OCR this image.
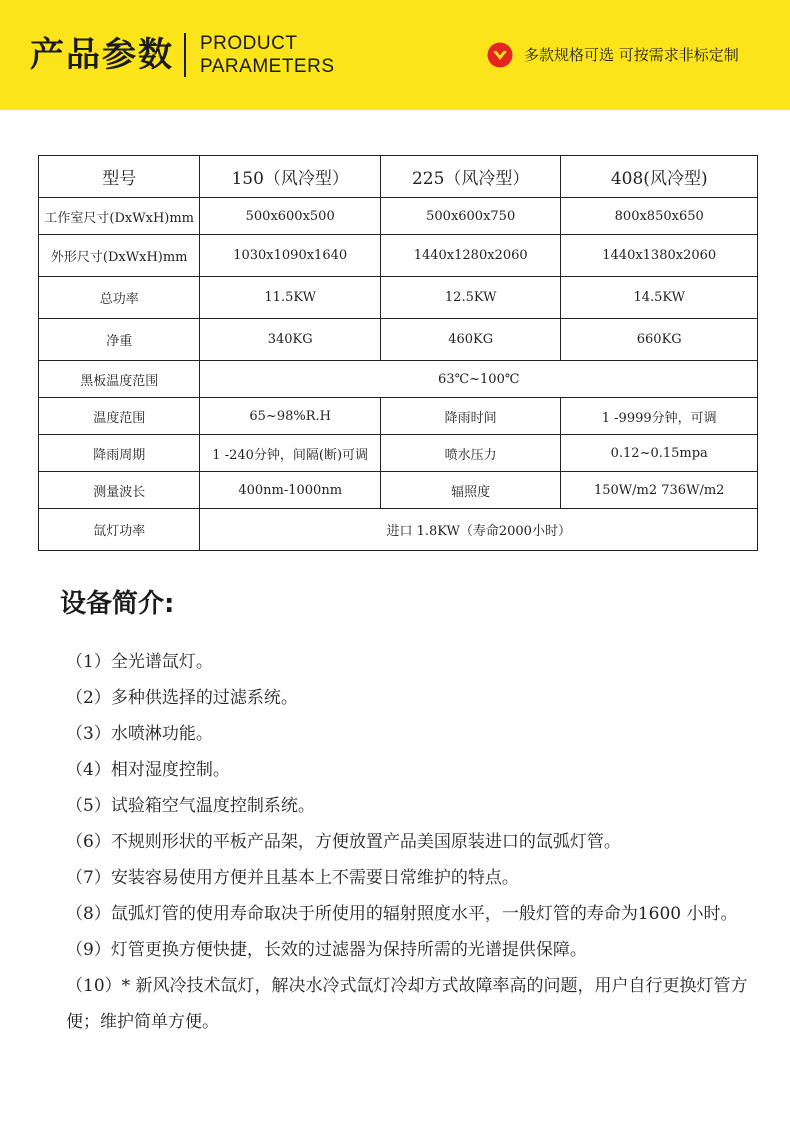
产品参数 PRODUCT
PARAMETERS
多款规格可选 可按需求非标定制
型号	150（风冷型）	225（风冷型）	408(风冷型)
工作室尺寸(DxWxH)mm	500x600x500	500x600x750	800x850x650
外形尺寸(DxWxH)mm	1030x1090x1640	1440x1280x2060	1440x1380x2060
总功率	11.5KW	12.5KW	14.5KW
净重	340KG	460KG	660KG
黑板温度范围	63℃~100℃		
温度范围	65~98%R.H	降雨时间	1 -9999分钟，可调
降雨周期	1 -240分钟，间隔(断)可调	喷水压力	0.12~0.15mpa
测量波长	400nm-1000nm	辐照度	150W/m2 736W/m2
氙灯功率	进口 1.8KW（寿命2000小时）		
设备简介:

（1）全光谱氙灯。

（2）多种供选择的过滤系统。

（3）水喷淋功能。

（4）相对湿度控制。

（5）试验箱空气温度控制系统。

（6）不规则形状的平板产品架，方便放置产品美国原装进口的氙弧灯管。

（7）安装容易使用方便并且基本上不需要日常维护的特点。

（8）氙弧灯管的使用寿命取决于所使用的辐射照度水平，一般灯管的寿命为1600 小时。

（9）灯管更换方便快捷，长效的过滤器为保持所需的光谱提供保障。

（10）* 新风冷技术氙灯，解决水冷式氙灯冷却方式故障率高的问题，用户自行更换灯管方便；维护简单方便。
